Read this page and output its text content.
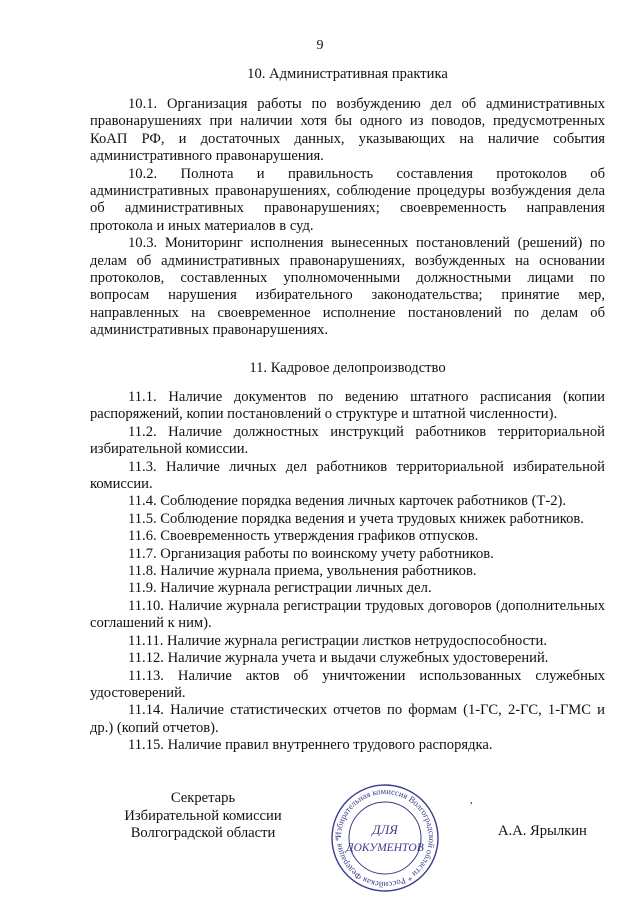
9
10. Административная практика

10.1. Организация работы по возбуждению дел об административных правонарушениях при наличии хотя бы одного из поводов, предусмотренных КоАП РФ, и достаточных данных, указывающих на наличие события административного правонарушения.

10.2. Полнота и правильность составления протоколов об административных правонарушениях, соблюдение процедуры возбуждения дела об административных правонарушениях; своевременность направления протокола и иных материалов в суд.

10.3. Мониторинг исполнения вынесенных постановлений (решений) по делам об административных правонарушениях, возбужденных на основании протоколов, составленных уполномоченными должностными лицами по вопросам нарушения избирательного законодательства; принятие мер, направленных на своевременное исполнение постановлений по делам об административных правонарушениях.

11. Кадровое делопроизводство

11.1. Наличие документов по ведению штатного расписания (копии распоряжений, копии постановлений о структуре и штатной численности).

11.2. Наличие должностных инструкций работников территориальной избирательной комиссии.

11.3. Наличие личных дел работников территориальной избирательной комиссии.

11.4. Соблюдение порядка ведения личных карточек работников (Т-2).

11.5. Соблюдение порядка ведения и учета трудовых книжек работников.

11.6. Своевременность утверждения графиков отпусков.

11.7. Организация работы по воинскому учету работников.

11.8. Наличие журнала приема, увольнения работников.

11.9. Наличие журнала регистрации личных дел.

11.10. Наличие журнала регистрации трудовых договоров (дополнительных соглашений к ним).

11.11. Наличие журнала регистрации листков нетрудоспособности.

11.12. Наличие журнала учета и выдачи служебных удостоверений.

11.13. Наличие актов об уничтожении использованных служебных удостоверений.

11.14. Наличие статистических отчетов по формам (1-ГС, 2-ГС, 1-ГМС и др.) (копий отчетов).

11.15. Наличие правил внутреннего трудового распорядка.

Секретарь
Избирательной комиссии
Волгоградской области	Избирательная комиссия Волгоградской области * Российская Федерация *
ДЛЯ
ДОКУМЕНТОВ
,
А.А. Ярылкин
